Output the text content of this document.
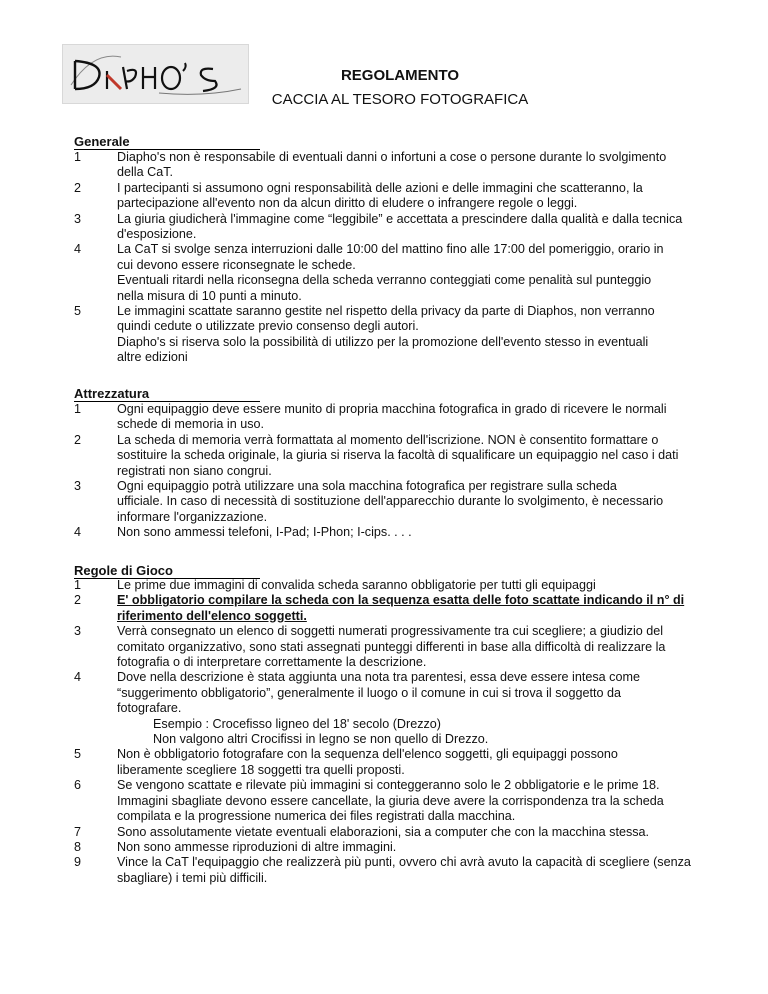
REGOLAMENTO
CACCIA AL TESORO FOTOGRAFICA
Generale
1	Diapho's non è responsabile di eventuali danni o infortuni a cose o persone durante lo svolgimento
della CaT.
2	I partecipanti si assumono ogni responsabilità delle azioni e delle immagini che scatteranno, la
partecipazione all'evento non da alcun diritto di eludere o infrangere regole o leggi.
3	La giuria giudicherà l'immagine come “leggibile” e accettata a prescindere dalla qualità e dalla tecnica
d'esposizione.
4	La CaT si svolge senza interruzioni dalle 10:00 del mattino fino alle 17:00 del pomeriggio, orario in
cui devono essere riconsegnate le schede.
Eventuali ritardi nella riconsegna della scheda verranno conteggiati come penalità sul punteggio
nella misura di 10 punti a minuto.
5	Le immagini scattate saranno gestite nel rispetto della privacy da parte di Diaphos, non verranno
quindi cedute o utilizzate previo consenso degli autori.
Diapho's si riserva solo la possibilità di utilizzo per la promozione dell'evento stesso in eventuali
altre edizioni
Attrezzatura
1	Ogni equipaggio deve essere munito di propria macchina fotografica in grado di ricevere le normali
schede di memoria in uso.
2	La scheda di memoria verrà formattata al momento dell'iscrizione. NON è consentito formattare o
sostituire la scheda originale, la giuria si riserva la facoltà di squalificare un equipaggio nel caso i dati
registrati non siano congrui.
3	Ogni equipaggio potrà utilizzare una sola macchina fotografica per registrare sulla scheda
ufficiale. In caso di necessità di sostituzione dell'apparecchio durante lo svolgimento, è necessario
informare l'organizzazione.
4	Non sono ammessi telefoni, I-Pad; I-Phon; I-cips. . . .
Regole di Gioco
1	Le prime due immagini di convalida scheda saranno obbligatorie per tutti gli equipaggi
2	E' obbligatorio compilare la scheda con la sequenza esatta delle foto scattate indicando il n° di
riferimento dell'elenco soggetti.
3	Verrà consegnato un elenco di soggetti numerati progressivamente tra cui scegliere; a giudizio del
comitato organizzativo, sono stati assegnati punteggi differenti in base alla difficoltà di realizzare la
fotografia o di interpretare correttamente la descrizione.
4	Dove nella descrizione è stata aggiunta una nota tra parentesi, essa deve essere intesa come
“suggerimento obbligatorio”, generalmente il luogo o il comune in cui si trova il soggetto da
fotografare.
Esempio : Crocefisso ligneo del 18' secolo (Drezzo)
Non valgono altri Crocifissi in legno se non quello di Drezzo.
5	Non è obbligatorio fotografare con la sequenza dell'elenco soggetti, gli equipaggi possono
liberamente scegliere 18 soggetti tra quelli proposti.
6	Se vengono scattate e rilevate più immagini si conteggeranno solo le 2 obbligatorie e le prime 18.
Immagini sbagliate devono essere cancellate, la giuria deve avere la corrispondenza tra la scheda
compilata e la progressione numerica dei files registrati dalla macchina.
7	Sono assolutamente vietate eventuali elaborazioni, sia a computer che con la macchina stessa.
8	Non sono ammesse riproduzioni di altre immagini.
9	Vince la CaT l'equipaggio che realizzerà più punti, ovvero chi avrà avuto la capacità di scegliere (senza
sbagliare) i temi più difficili.
